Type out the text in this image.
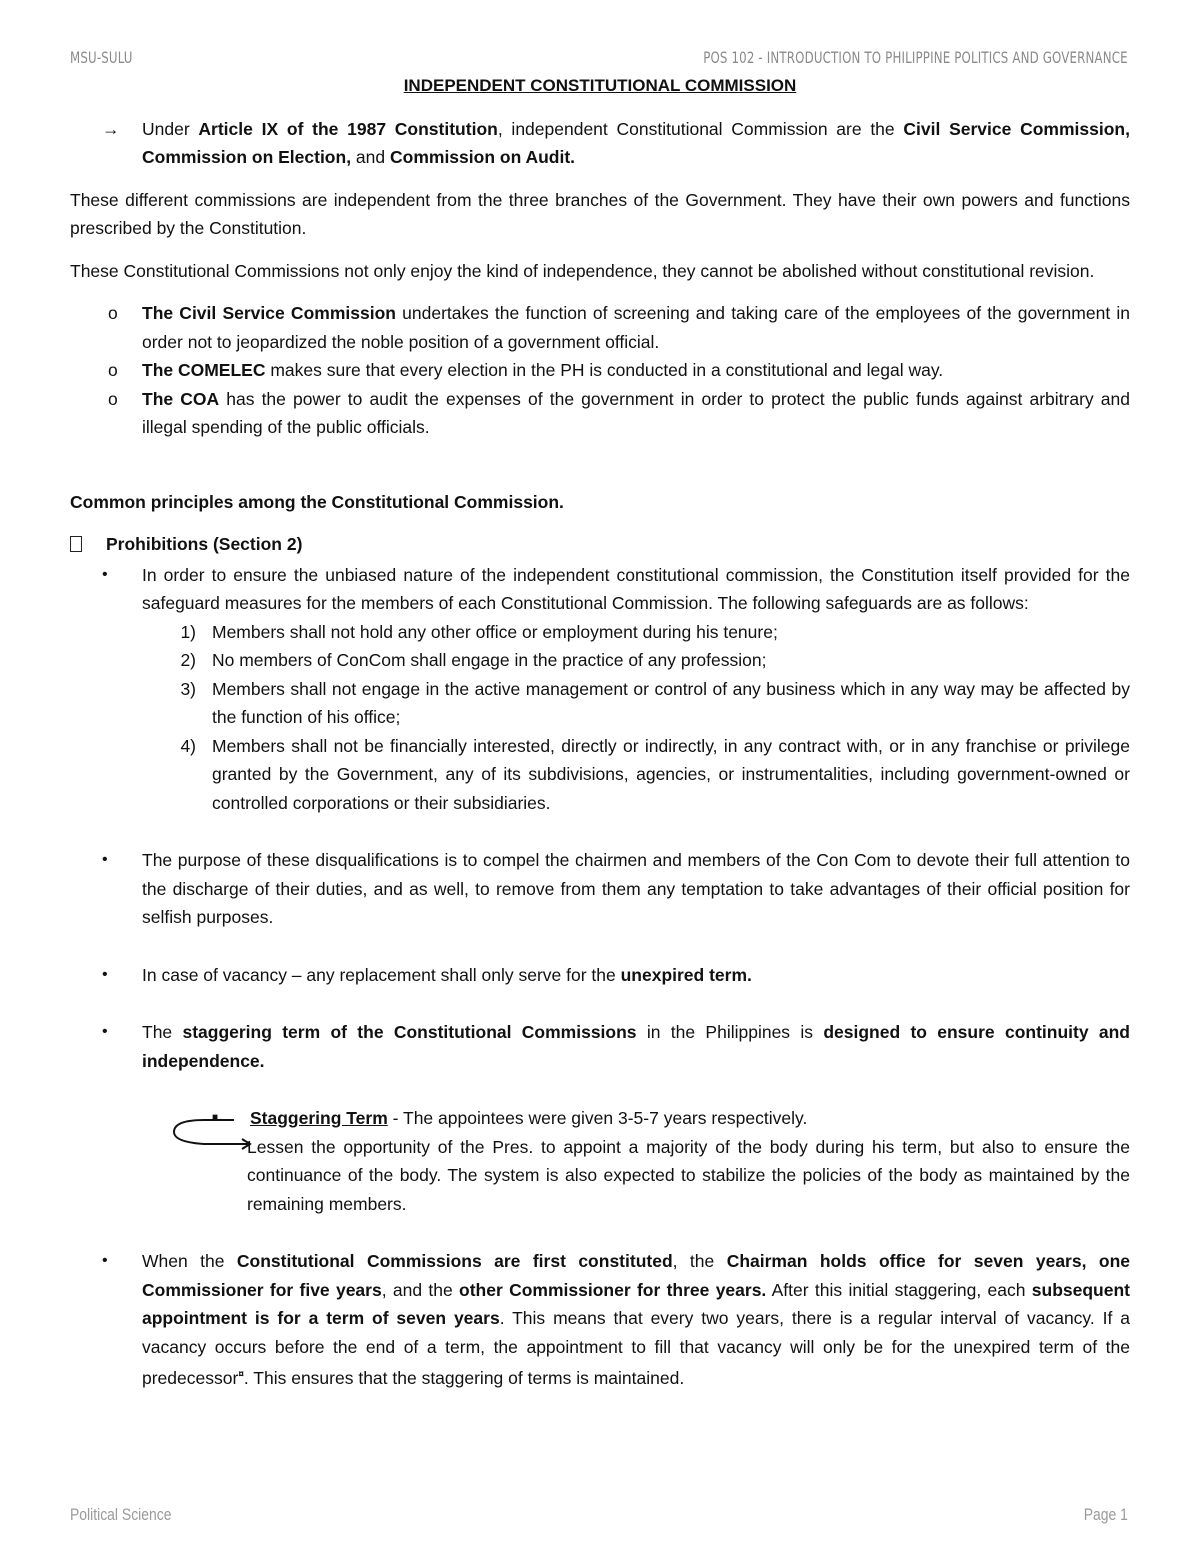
MSU-SULU	POS 102 - INTRODUCTION TO PHILIPPINE POLITICS AND GOVERNANCE
INDEPENDENT CONSTITUTIONAL COMMISSION
→	Under Article IX of the 1987 Constitution, independent Constitutional Commission are the Civil Service Commission, Commission on Election, and Commission on Audit.

These different commissions are independent from the three branches of the Government. They have their own powers and functions prescribed by the Constitution.

These Constitutional Commissions not only enjoy the kind of independence, they cannot be abolished without constitutional revision.

o	The Civil Service Commission undertakes the function of screening and taking care of the employees of the government in order not to jeopardized the noble position of a government official.
o	The COMELEC makes sure that every election in the PH is conducted in a constitutional and legal way.
o	The COA has the power to audit the expenses of the government in order to protect the public funds against arbitrary and illegal spending of the public officials.
Common principles among the Constitutional Commission.
Prohibitions (Section 2)
•	In order to ensure the unbiased nature of the independent constitutional commission, the Constitution itself provided for the safeguard measures for the members of each Constitutional Commission. The following safeguards are as follows:
1) Members shall not hold any other office or employment during his tenure;
2) No members of ConCom shall engage in the practice of any profession;
3) Members shall not engage in the active management or control of any business which in any way may be affected by the function of his office;
4) Members shall not be financially interested, directly or indirectly, in any contract with, or in any franchise or privilege granted by the Government, any of its subdivisions, agencies, or instrumentalities, including government-owned or controlled corporations or their subsidiaries.
•	The purpose of these disqualifications is to compel the chairmen and members of the Con Com to devote their full attention to the discharge of their duties, and as well, to remove from them any temptation to take advantages of their official position for selfish purposes.
•	In case of vacancy – any replacement shall only serve for the unexpired term.
•	The staggering term of the Constitutional Commissions in the Philippines is designed to ensure continuity and independence.
■	Staggering Term - The appointees were given 3-5-7 years respectively.
Lessen the opportunity of the Pres. to appoint a majority of the body during his term, but also to ensure the continuance of the body. The system is also expected to stabilize the policies of the body as maintained by the remaining members.
•	When the Constitutional Commissions are first constituted, the Chairman holds office for seven years, one Commissioner for five years, and the other Commissioner for three years. After this initial staggering, each subsequent appointment is for a term of seven years. This means that every two years, there is a regular interval of vacancy. If a vacancy occurs before the end of a term, the appointment to fill that vacancy will only be for the unexpired term of the predecessor¤. This ensures that the staggering of terms is maintained.
Political Science	Page 1
